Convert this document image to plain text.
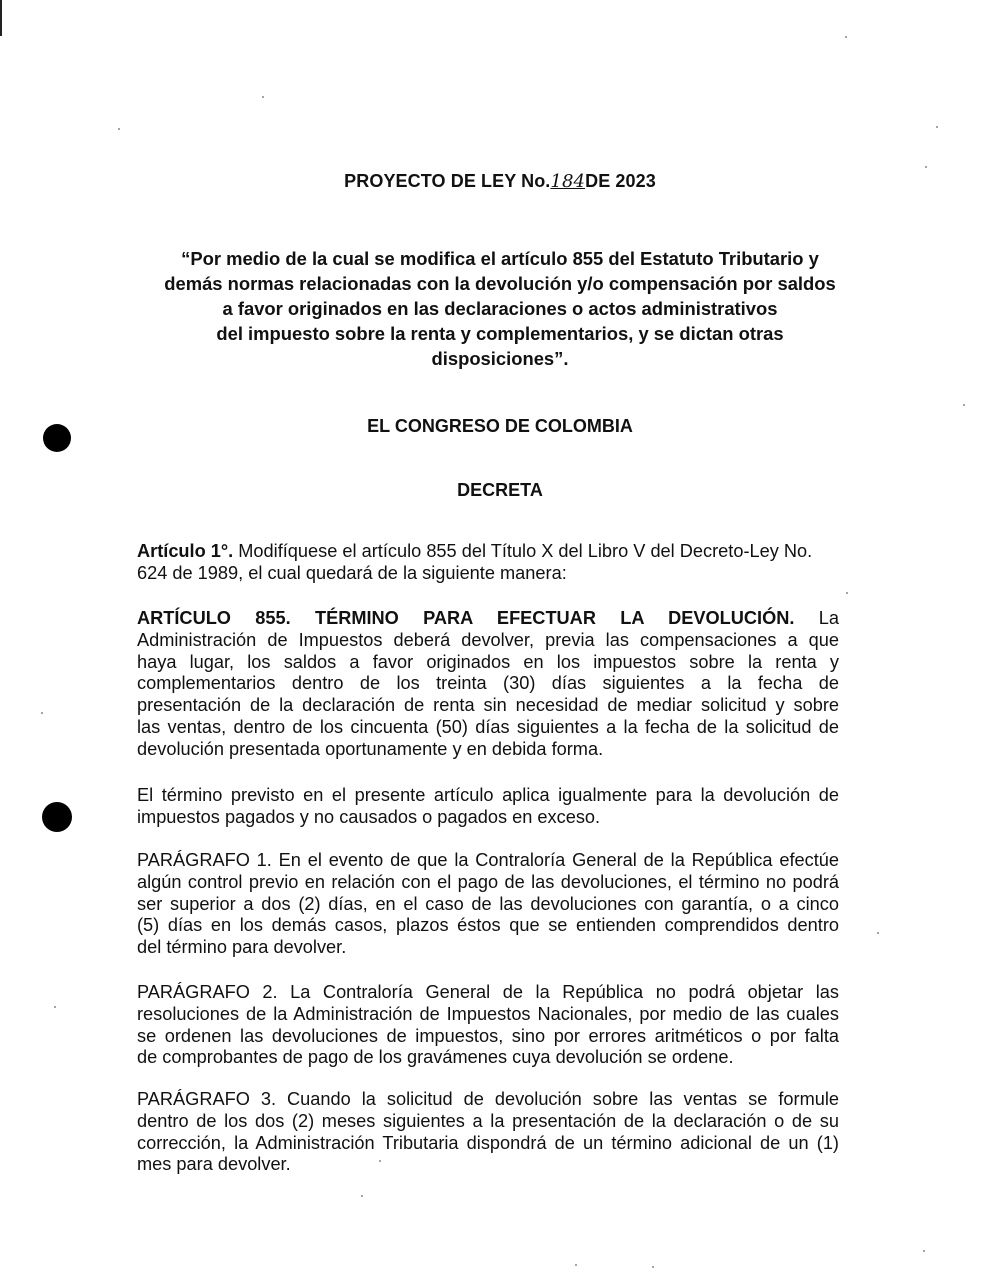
PROYECTO DE LEY No.184DE 2023
“Por medio de la cual se modifica el artículo 855 del Estatuto Tributario y
demás normas relacionadas con la devolución y/o compensación por saldos
a favor originados en las declaraciones o actos administrativos
del impuesto sobre la renta y complementarios, y se dictan otras
disposiciones”.
EL CONGRESO DE COLOMBIA
DECRETA
Artículo 1°. Modifíquese el artículo 855 del Título X del Libro V del Decreto-Ley No.
624 de 1989, el cual quedará de la siguiente manera:
ARTÍCULO 855. TÉRMINO PARA EFECTUAR LA DEVOLUCIÓN. La
Administración de Impuestos deberá devolver, previa las compensaciones a que
haya lugar, los saldos a favor originados en los impuestos sobre la renta y
complementarios dentro de los treinta (30) días siguientes a la fecha de
presentación de la declaración de renta sin necesidad de mediar solicitud y sobre
las ventas, dentro de los cincuenta (50) días siguientes a la fecha de la solicitud de
devolución presentada oportunamente y en debida forma.
El término previsto en el presente artículo aplica igualmente para la devolución de
impuestos pagados y no causados o pagados en exceso.
PARÁGRAFO 1. En el evento de que la Contraloría General de la República efectúe
algún control previo en relación con el pago de las devoluciones, el término no podrá
ser superior a dos (2) días, en el caso de las devoluciones con garantía, o a cinco
(5) días en los demás casos, plazos éstos que se entienden comprendidos dentro
del término para devolver.
PARÁGRAFO 2. La Contraloría General de la República no podrá objetar las
resoluciones de la Administración de Impuestos Nacionales, por medio de las cuales
se ordenen las devoluciones de impuestos, sino por errores aritméticos o por falta
de comprobantes de pago de los gravámenes cuya devolución se ordene.
PARÁGRAFO 3. Cuando la solicitud de devolución sobre las ventas se formule
dentro de los dos (2) meses siguientes a la presentación de la declaración o de su
corrección, la Administración Tributaria dispondrá de un término adicional de un (1)
mes para devolver.
